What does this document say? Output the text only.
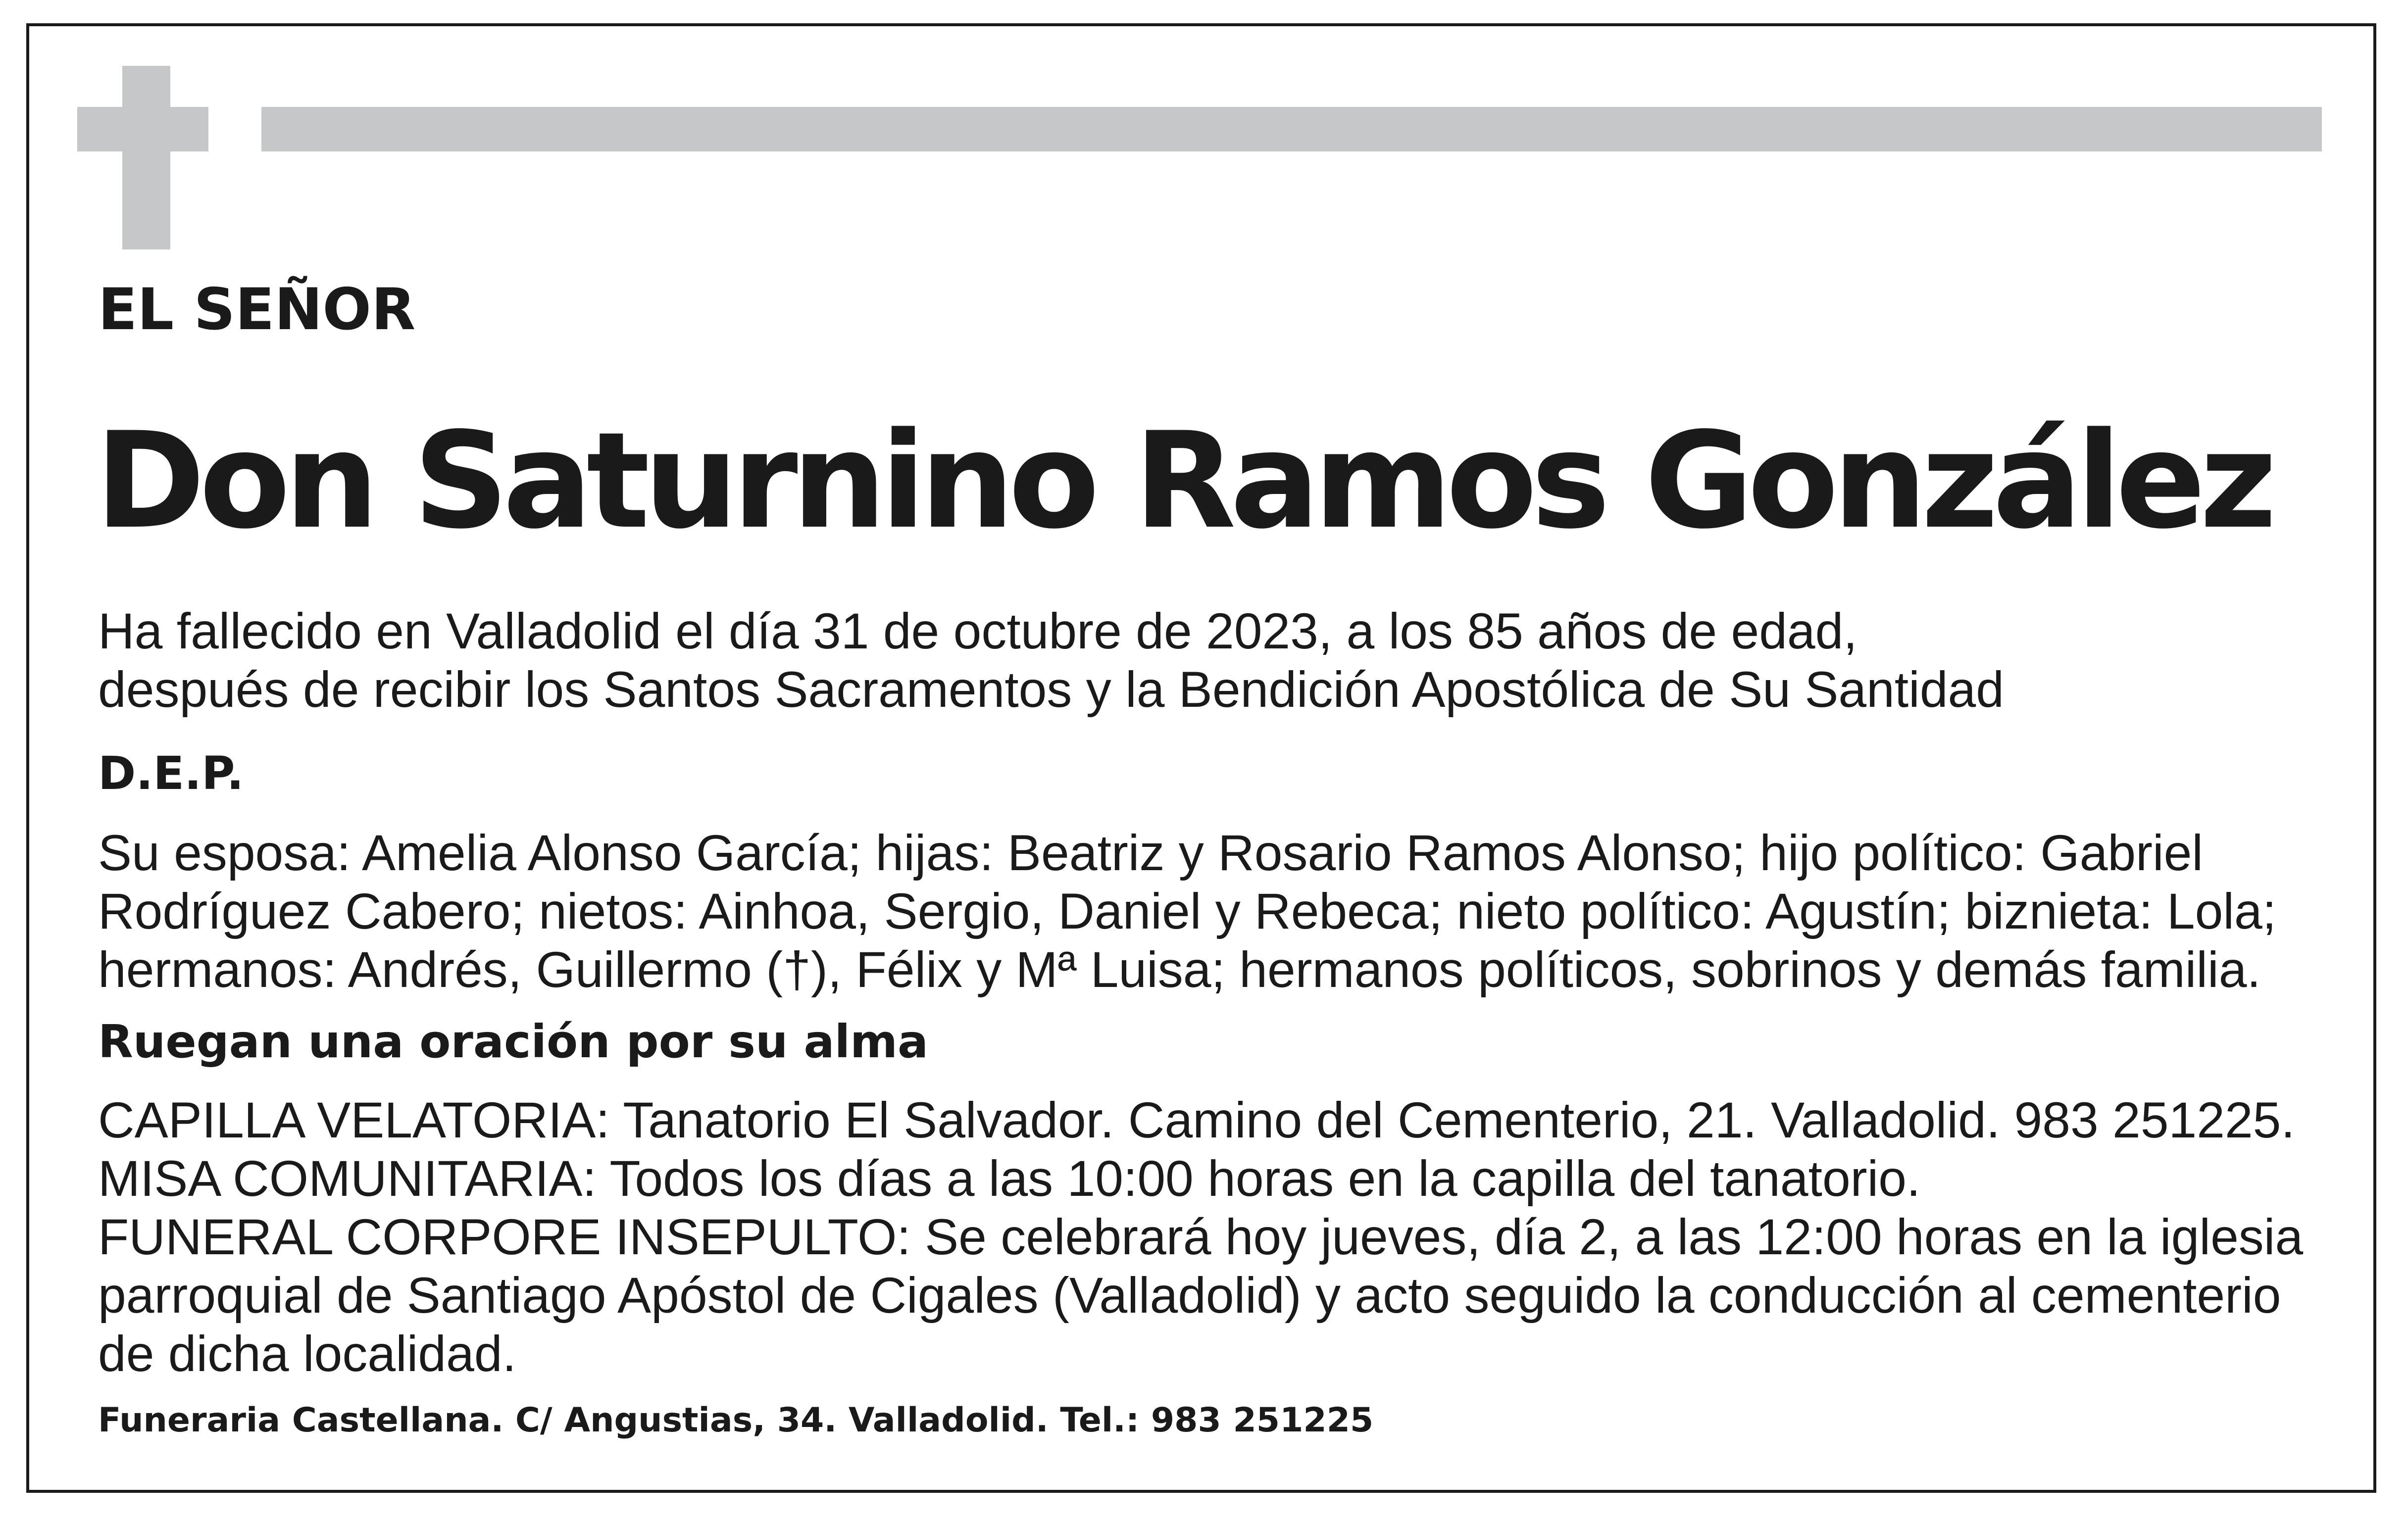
EL SEÑOR
Don Saturnino Ramos González

Ha fallecido en Valladolid el día 31 de octubre de 2023, a los 85 años de edad,
después de recibir los Santos Sacramentos y la Bendición Apostólica de Su Santidad

D.E.P.

Su esposa: Amelia Alonso García; hijas: Beatriz y Rosario Ramos Alonso; hijo político: Gabriel
Rodríguez Cabero; nietos: Ainhoa, Sergio, Daniel y Rebeca; nieto político: Agustín; biznieta: Lola;
hermanos: Andrés, Guillermo (†), Félix y Mª Luisa; hermanos políticos, sobrinos y demás familia.

Ruegan una oración por su alma

CAPILLA VELATORIA: Tanatorio El Salvador. Camino del Cementerio, 21. Valladolid. 983 251225.
MISA COMUNITARIA: Todos los días a las 10:00 horas en la capilla del tanatorio.
FUNERAL CORPORE INSEPULTO: Se celebrará hoy jueves, día 2, a las 12:00 horas en la iglesia
parroquial de Santiago Apóstol de Cigales (Valladolid) y acto seguido la conducción al cementerio
de dicha localidad.

Funeraria Castellana. C/ Angustias, 34. Valladolid. Tel.: 983 251225
